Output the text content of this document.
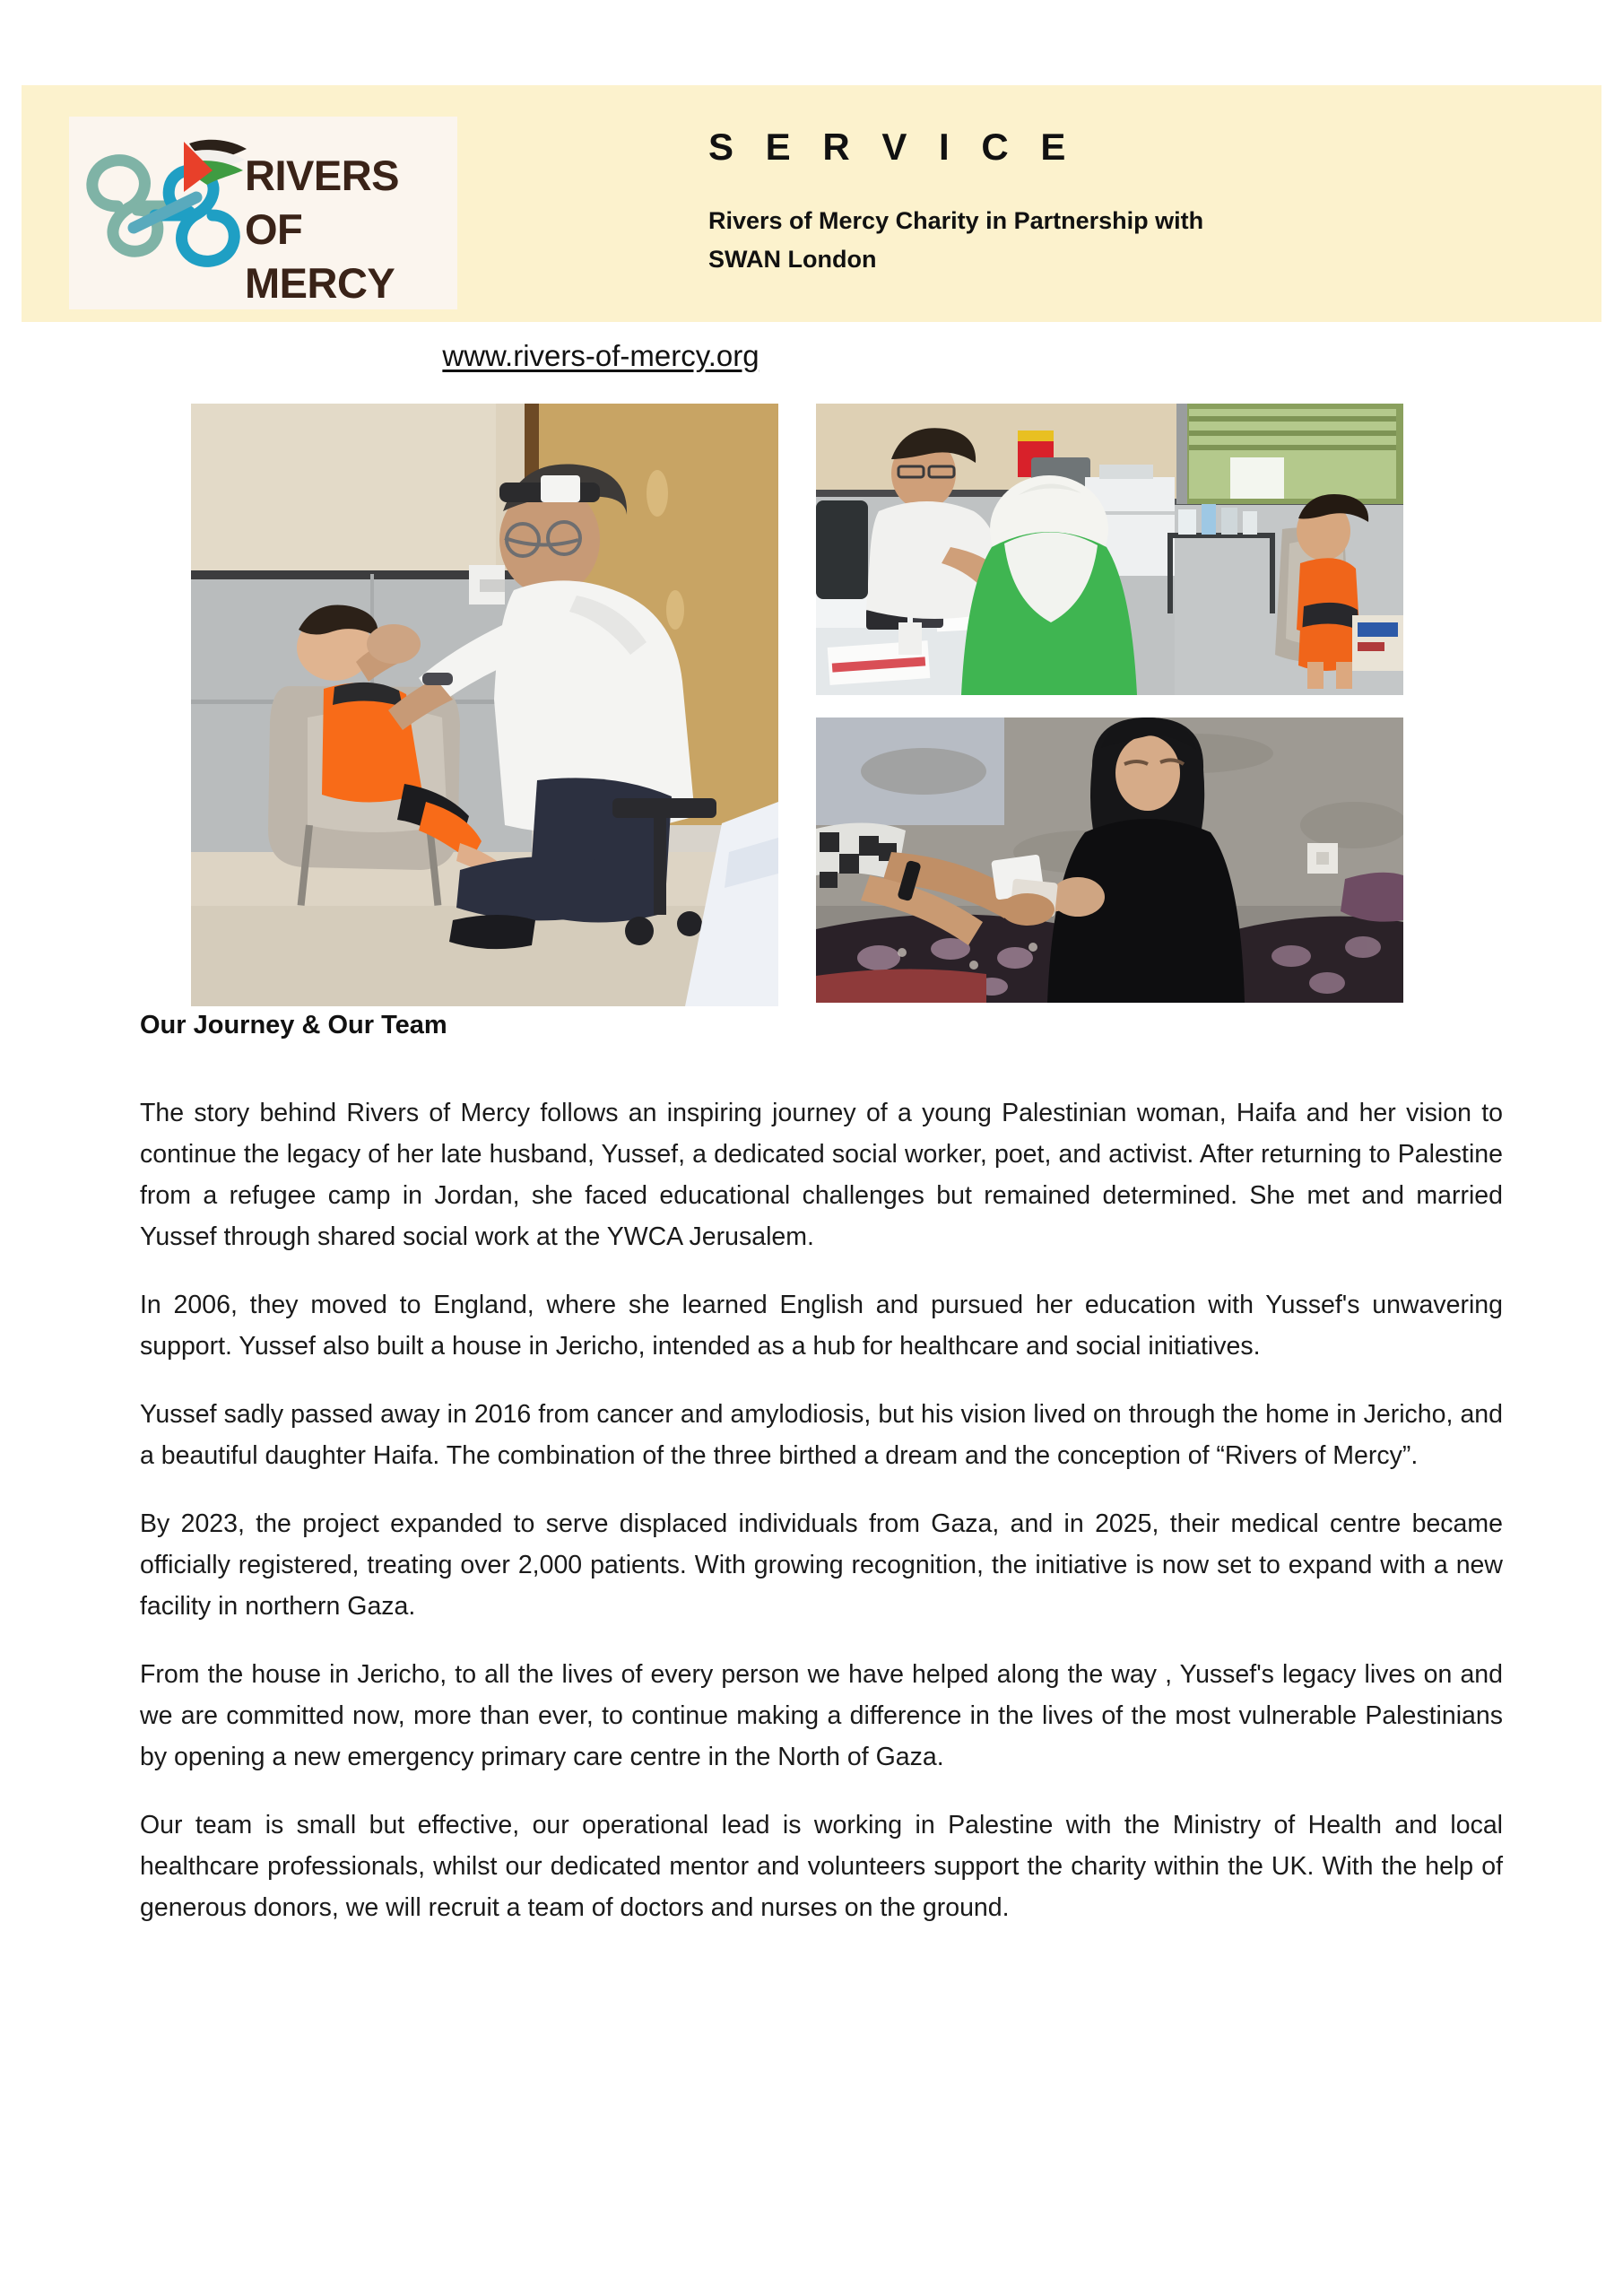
RIVERS
OF MERCY
S E R V I C E
Rivers of Mercy Charity in Partnership with
SWAN London
www.rivers-of-mercy.org
Our Journey & Our Team

The story behind Rivers of Mercy follows an inspiring journey of a young Palestinian woman, Haifa and her vision to continue the legacy of her late husband, Yussef, a dedicated social worker, poet, and activist. After returning to Palestine from a refugee camp in Jordan, she faced educational challenges but remained determined. She met and married Yussef through shared social work at the YWCA Jerusalem.

In 2006, they moved to England, where she learned English and pursued her education with Yussef's unwavering support. Yussef also built a house in Jericho, intended as a hub for healthcare and social initiatives.

Yussef sadly passed away in 2016 from cancer and amylodiosis, but his vision lived on through the home in Jericho, and a beautiful daughter Haifa. The combination of the three birthed a dream and the conception of “Rivers of Mercy”.

By 2023, the project expanded to serve displaced individuals from Gaza, and in 2025, their medical centre became officially registered, treating over 2,000 patients. With growing recognition, the initiative is now set to expand with a new facility in northern Gaza.

From the house in Jericho, to all the lives of every person we have helped along the way , Yussef's legacy lives on and we are committed now, more than ever, to continue making a difference in the lives of the most vulnerable Palestinians by opening a new emergency primary care centre in the North of Gaza.

Our team is small but effective, our operational lead is working in Palestine with the Ministry of Health and local healthcare professionals, whilst our dedicated mentor and volunteers support the charity within the UK. With the help of generous donors, we will recruit a team of doctors and nurses on the ground.
